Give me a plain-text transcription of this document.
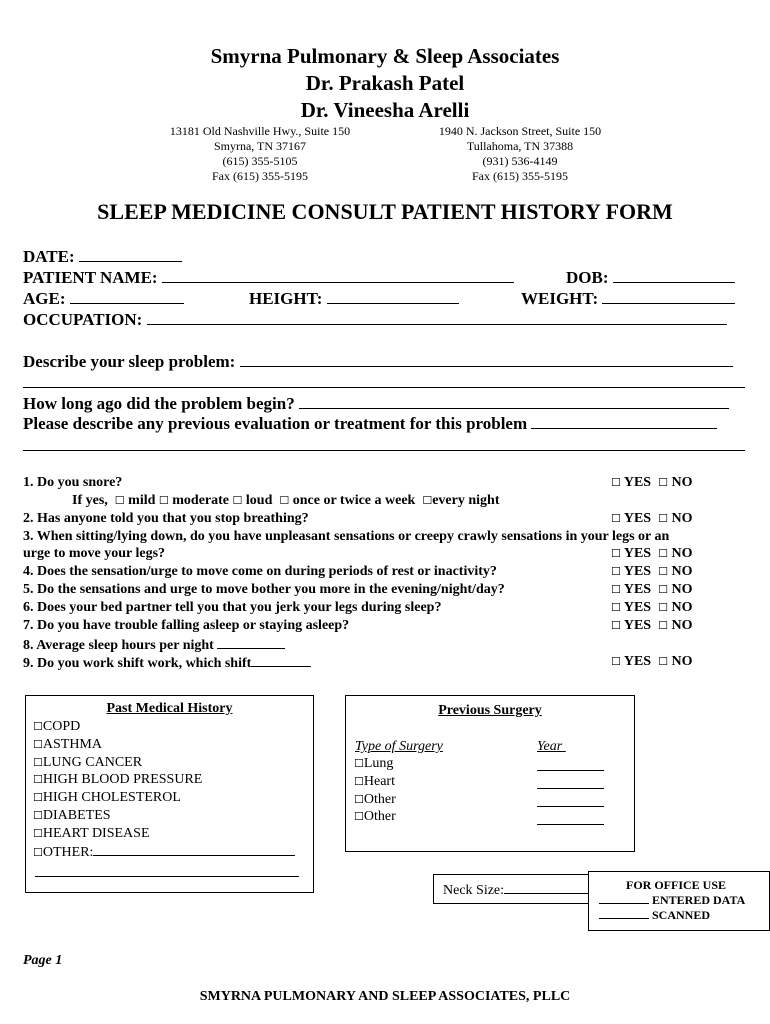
Smyrna Pulmonary & Sleep Associates
Dr. Prakash Patel
Dr. Vineesha Arelli
13181 Old Nashville Hwy., Suite 150
Smyrna, TN 37167
(615) 355-5105
Fax (615) 355-5195
1940 N. Jackson Street, Suite 150
Tullahoma, TN 37388
(931) 536-4149
Fax (615) 355-5195
SLEEP MEDICINE CONSULT PATIENT HISTORY FORM
DATE:
PATIENT NAME:	DOB:
AGE:	HEIGHT:	WEIGHT:
OCCUPATION:
Describe your sleep problem:
How long ago did the problem begin?
Please describe any previous evaluation or treatment for this problem
1. Do you snore?	☐ YES ☐ NO
If yes, ☐ mild ☐ moderate ☐ loud ☐ once or twice a week ☐every night
2. Has anyone told you that you stop breathing?	☐ YES ☐ NO
3. When sitting/lying down, do you have unpleasant sensations or creepy crawly sensations in your legs or an
urge to move your legs?	☐ YES ☐ NO
4. Does the sensation/urge to move come on during periods of rest or inactivity?	☐ YES ☐ NO
5. Do the sensations and urge to move bother you more in the evening/night/day?	☐ YES ☐ NO
6. Does your bed partner tell you that you jerk your legs during sleep?	☐ YES ☐ NO
7. Do you have trouble falling asleep or staying asleep?	☐ YES ☐ NO
8. Average sleep hours per night
9. Do you work shift work, which shift	☐ YES ☐ NO
Past Medical History
☐COPD
☐ASTHMA
☐LUNG CANCER
☐HIGH BLOOD PRESSURE
☐HIGH CHOLESTEROL
☐DIABETES
☐HEART DISEASE
☐OTHER:
Previous Surgery
Type of Surgery	Year
☐Lung
☐Heart
☐Other
☐Other
Neck Size:	FOR OFFICE USE
ENTERED DATA
SCANNED
Page 1
SMYRNA PULMONARY AND SLEEP ASSOCIATES, PLLC
